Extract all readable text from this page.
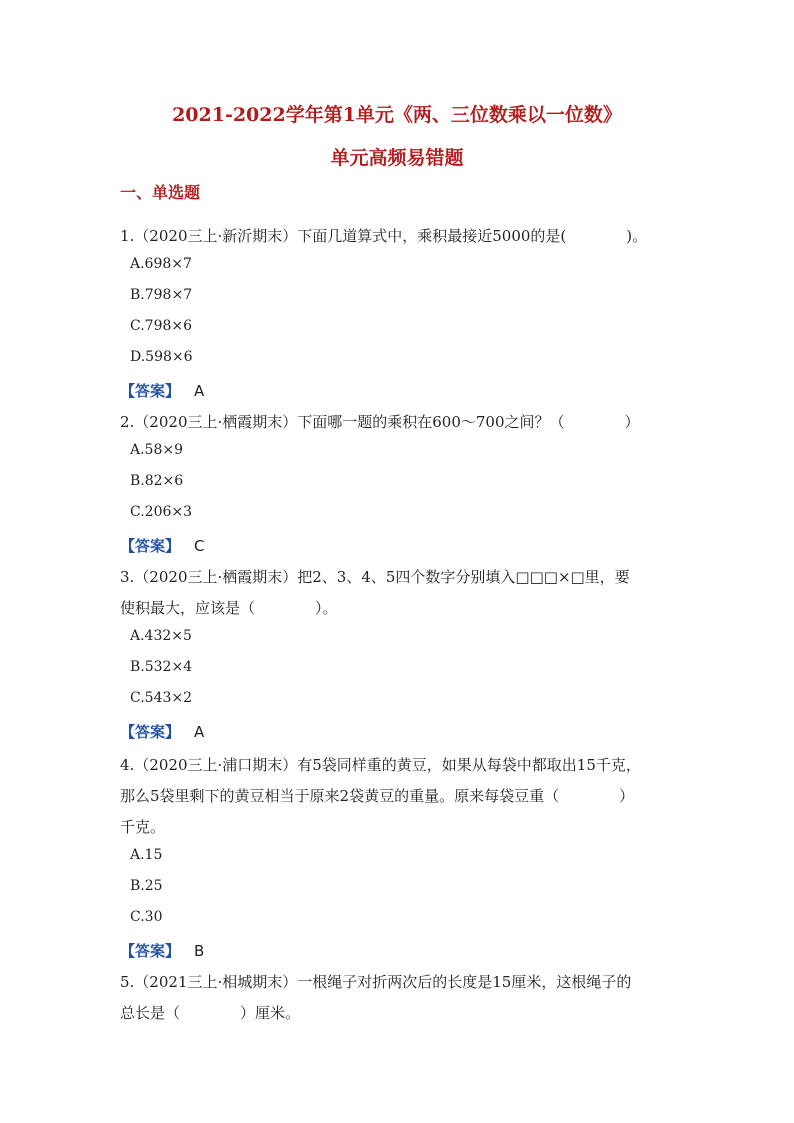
2021-2022学年第1单元《两、三位数乘以一位数》
单元高频易错题
一、单选题
1.（2020三上·新沂期末）下面几道算式中，乘积最接近5000的是(　　　　)。
A.698×7
B.798×7
C.798×6
D.598×6
【答案】 A
2.（2020三上·栖霞期末）下面哪一题的乘积在600～700之间？（　　　　）
A.58×9
B.82×6
C.206×3
【答案】 C
3.（2020三上·栖霞期末）把2、3、4、5四个数字分别填入□□□×□里，要
使积最大，应该是（　　　　）。
A.432×5
B.532×4
C.543×2
【答案】 A
4.（2020三上·浦口期末）有5袋同样重的黄豆，如果从每袋中都取出15千克，
那么5袋里剩下的黄豆相当于原来2袋黄豆的重量。原来每袋豆重（　　　　）
千克。
A.15
B.25
C.30
【答案】 B
5.（2021三上·相城期末）一根绳子对折两次后的长度是15厘米，这根绳子的
总长是（　　　　）厘米。
